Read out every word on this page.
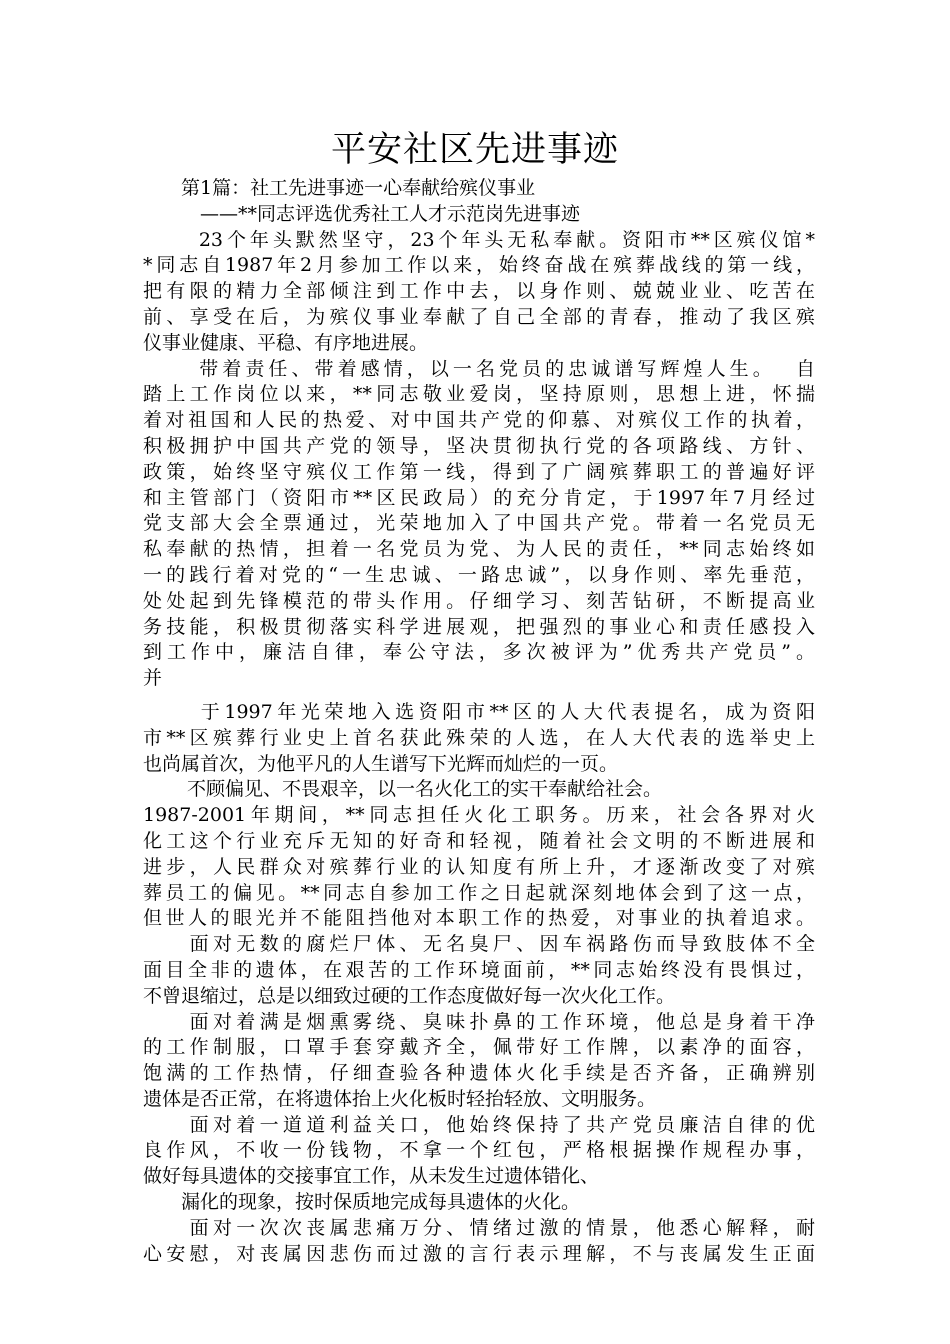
平安社区先进事迹
　　第1篇：社工先进事迹一心奉献给殡仪事业
　　 ——**同志评选优秀社工人才示范岗先进事迹
　　 23个年头默然坚守，23个年头无私奉献。资阳市**区殡仪馆*
*同志自1987年2月参加工作以来，始终奋战在殡葬战线的第一线，
把有限的精力全部倾注到工作中去，以身作则、兢兢业业、吃苦在
前、享受在后，为殡仪事业奉献了自己全部的青春，推动了我区殡
仪事业健康、平稳、有序地进展。
　　 带着责任、带着感情，以一名党员的忠诚谱写辉煌人生。  自
踏上工作岗位以来，**同志敬业爱岗，坚持原则，思想上进，怀揣
着对祖国和人民的热爱、对中国共产党的仰慕、对殡仪工作的执着，
积极拥护中国共产党的领导，坚决贯彻执行党的各项路线、方针、
政策，始终坚守殡仪工作第一线，得到了广阔殡葬职工的普遍好评
和主管部门（资阳市**区民政局）的充分肯定，于1997年7月经过
党支部大会全票通过，光荣地加入了中国共产党。带着一名党员无
私奉献的热情，担着一名党员为党、为人民的责任，**同志始终如
一的践行着对党的“一生忠诚、一路忠诚”，以身作则、率先垂范，
处处起到先锋模范的带头作用。仔细学习、刻苦钻研，不断提高业
务技能，积极贯彻落实科学进展观，把强烈的事业心和责任感投入
到工作中，廉洁自律，奉公守法，多次被评为”优秀共产党员”。
并
　　 于1997年光荣地入选资阳市**区的人大代表提名，成为资阳
市**区殡葬行业史上首名获此殊荣的人选，在人大代表的选举史上
也尚属首次，为他平凡的人生谱写下光辉而灿烂的一页。
　　 不顾偏见、不畏艰辛，以一名火化工的实干奉献给社会。
1987-2001年期间，**同志担任火化工职务。历来，社会各界对火
化工这个行业充斥无知的好奇和轻视，随着社会文明的不断进展和
进步，人民群众对殡葬行业的认知度有所上升，才逐渐改变了对殡
葬员工的偏见。**同志自参加工作之日起就深刻地体会到了这一点，
但世人的眼光并不能阻挡他对本职工作的热爱，对事业的执着追求。
　　面对无数的腐烂尸体、无名臭尸、因车祸路伤而导致肢体不全
面目全非的遗体，在艰苦的工作环境面前，**同志始终没有畏惧过，
不曾退缩过，总是以细致过硬的工作态度做好每一次火化工作。
　　面对着满是烟熏雾绕、臭味扑鼻的工作环境，他总是身着干净
的工作制服，口罩手套穿戴齐全，佩带好工作牌，以素净的面容，
饱满的工作热情，仔细查验各种遗体火化手续是否齐备，正确辨别
遗体是否正常，在将遗体抬上火化板时轻抬轻放、文明服务。
　　面对着一道道利益关口，他始终保持了共产党员廉洁自律的优
良作风，不收一份钱物，不拿一个红包，严格根据操作规程办事，
做好每具遗体的交接事宜工作，从未发生过遗体错化、
　　漏化的现象，按时保质地完成每具遗体的火化。
　　面对一次次丧属悲痛万分、情绪过激的情景，他悉心解释，耐
心安慰，对丧属因悲伤而过激的言行表示理解，不与丧属发生正面
